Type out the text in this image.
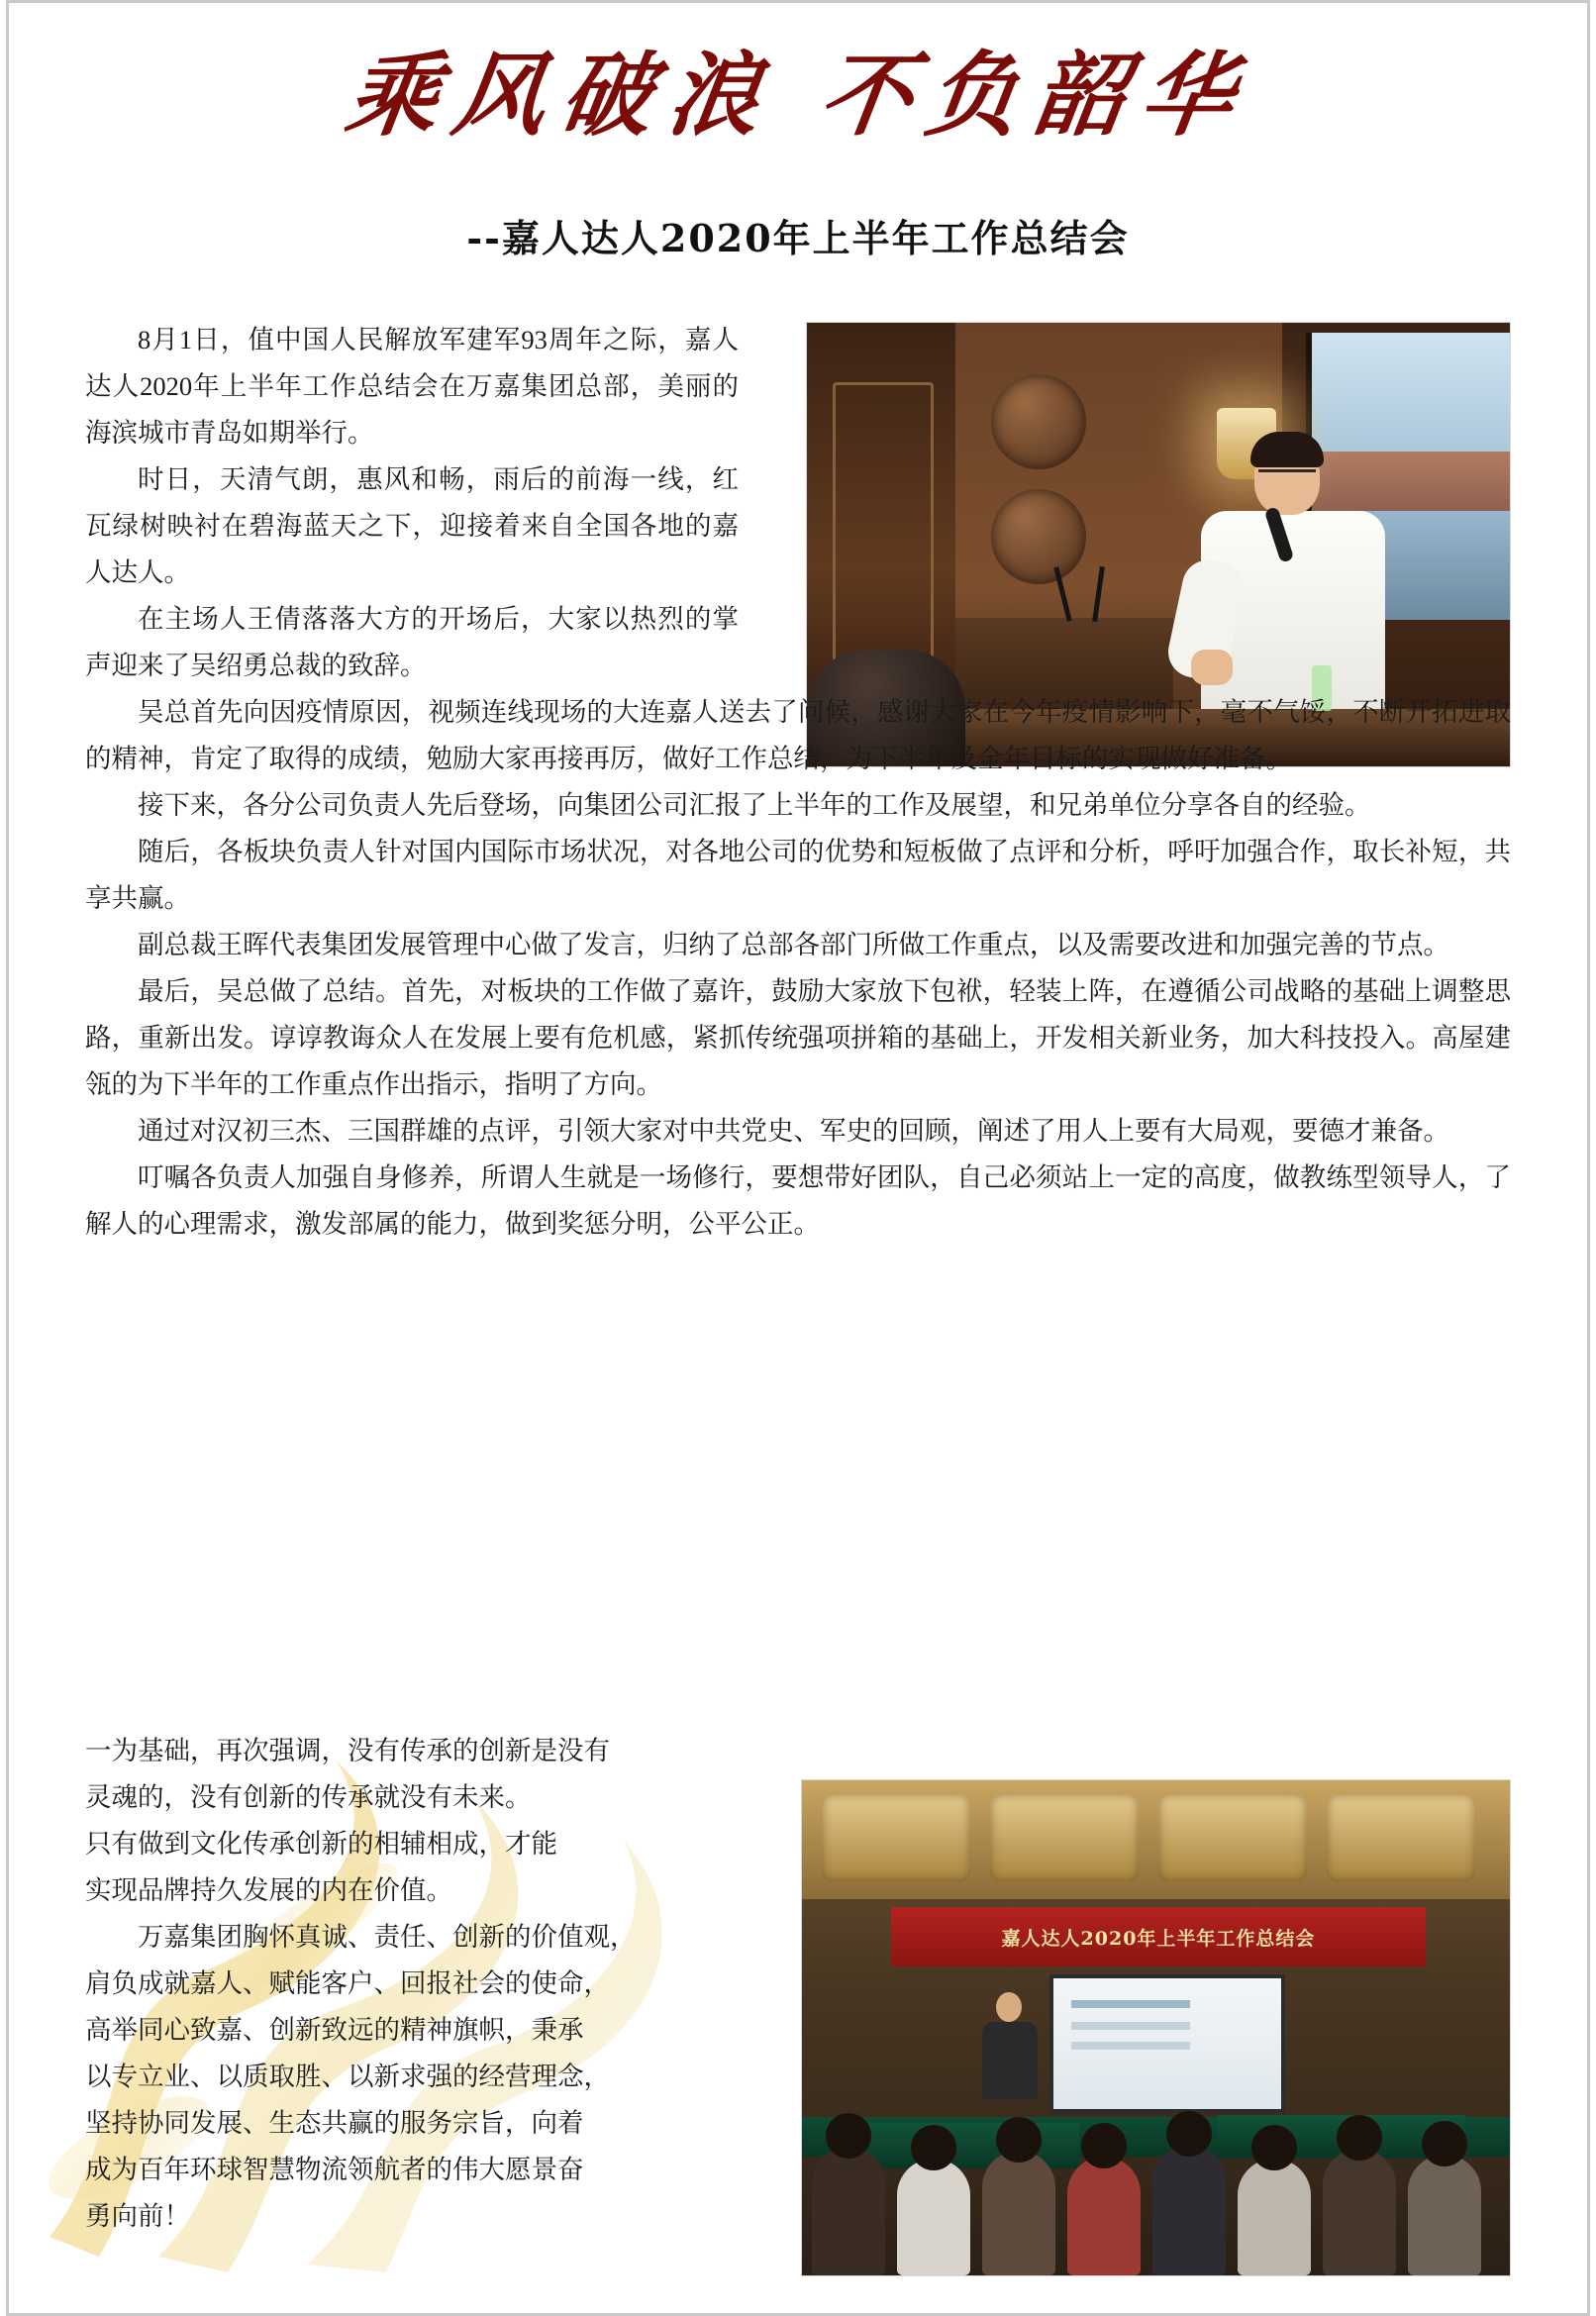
乘风破浪 不负韶华
--嘉人达人2020年上半年工作总结会

8月1日，值中国人民解放军建军93周年之际，嘉人达人2020年上半年工作总结会在万嘉集团总部，美丽的海滨城市青岛如期举行。

时日，天清气朗，惠风和畅，雨后的前海一线，红瓦绿树映衬在碧海蓝天之下，迎接着来自全国各地的嘉人达人。

在主场人王倩落落大方的开场后，大家以热烈的掌声迎来了吴绍勇总裁的致辞。

吴总首先向因疫情原因，视频连线现场的大连嘉人送去了问候，感谢大家在今年疫情影响下，毫不气馁，不断开拓进取的精神，肯定了取得的成绩，勉励大家再接再厉，做好工作总结，为下半年及全年目标的实现做好准备。

接下来，各分公司负责人先后登场，向集团公司汇报了上半年的工作及展望，和兄弟单位分享各自的经验。

随后，各板块负责人针对国内国际市场状况，对各地公司的优势和短板做了点评和分析，呼吁加强合作，取长补短，共享共赢。

副总裁王晖代表集团发展管理中心做了发言，归纳了总部各部门所做工作重点，以及需要改进和加强完善的节点。

最后，吴总做了总结。首先，对板块的工作做了嘉许，鼓励大家放下包袱，轻装上阵，在遵循公司战略的基础上调整思路，重新出发。谆谆教诲众人在发展上要有危机感，紧抓传统强项拼箱的基础上，开发相关新业务，加大科技投入。高屋建瓴的为下半年的工作重点作出指示，指明了方向。

通过对汉初三杰、三国群雄的点评，引领大家对中共党史、军史的回顾，阐述了用人上要有大局观，要德才兼备。

叮嘱各负责人加强自身修养，所谓人生就是一场修行，要想带好团队，自己必须站上一定的高度，做教练型领导人，了解人的心理需求，激发部属的能力，做到奖惩分明，公平公正。

一为基础，再次强调，没有传承的创新是没有

灵魂的，没有创新的传承就没有未来。

只有做到文化传承创新的相辅相成，才能

实现品牌持久发展的内在价值。

万嘉集团胸怀真诚、责任、创新的价值观，

肩负成就嘉人、赋能客户、回报社会的使命，

高举同心致嘉、创新致远的精神旗帜，秉承

以专立业、以质取胜、以新求强的经营理念，

坚持协同发展、生态共赢的服务宗旨，向着

成为百年环球智慧物流领航者的伟大愿景奋

勇向前！

嘉人达人2020年上半年工作总结会
